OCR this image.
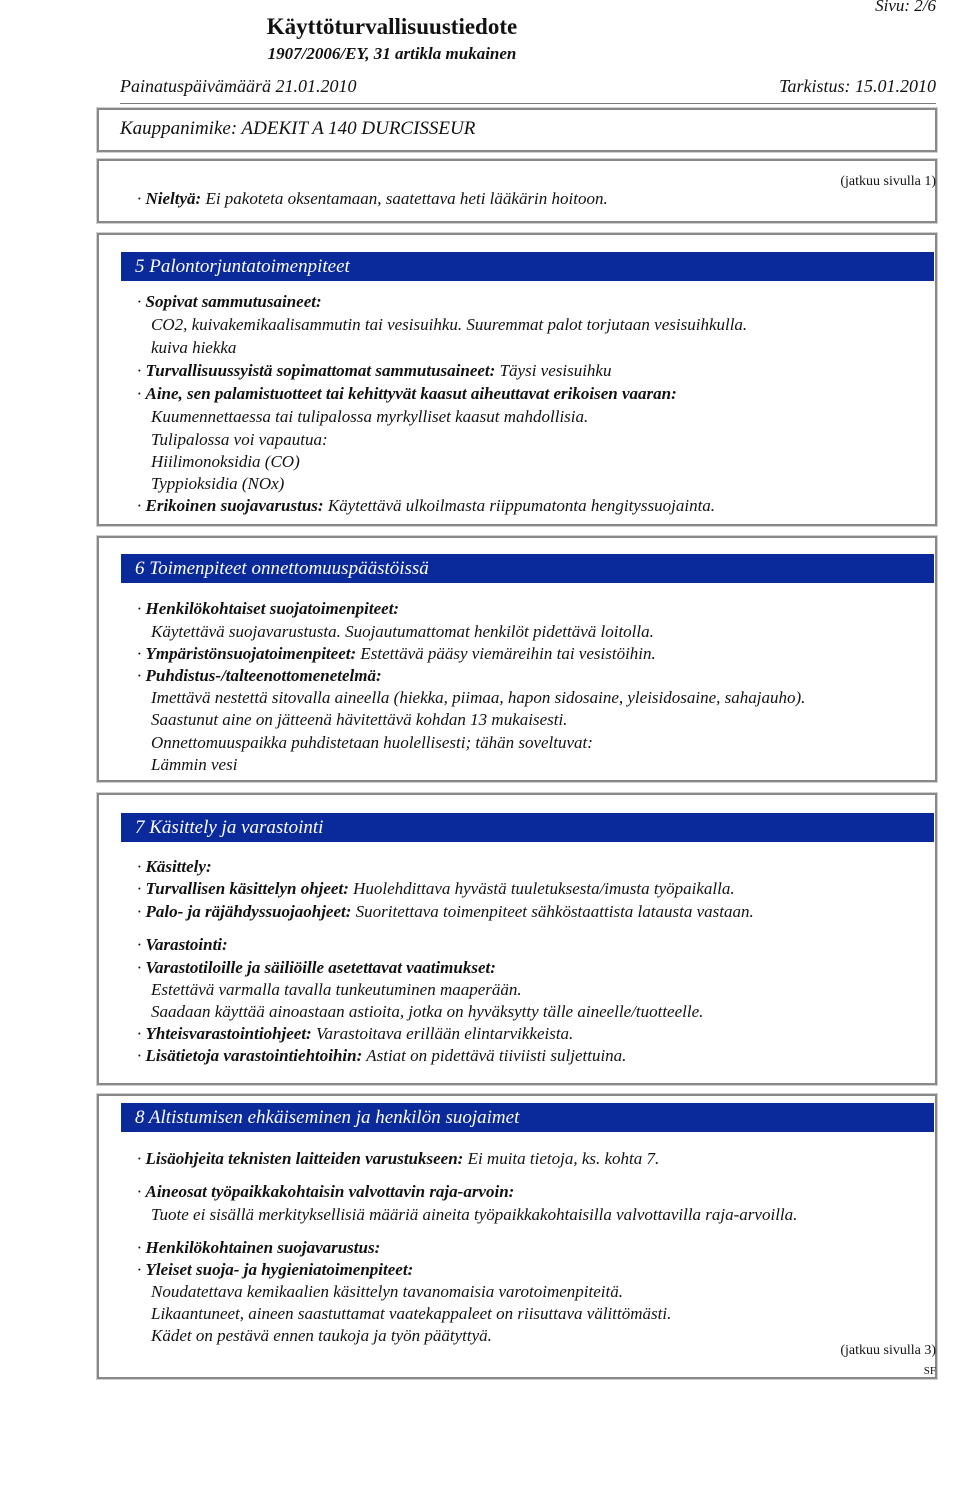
Sivu: 2/6
Käyttöturvallisuustiedote
1907/2006/EY, 31 artikla mukainen
Painatuspäivämäärä 21.01.2010	Tarkistus: 15.01.2010
Kauppanimike: ADEKIT A 140 DURCISSEUR
(jatkuu sivulla 1)
· Nieltyä: Ei pakoteta oksentamaan, saatettava heti lääkärin hoitoon.
5 Palontorjuntatoimenpiteet
· Sopivat sammutusaineet:
CO2, kuivakemikaalisammutin tai vesisuihku. Suuremmat palot torjutaan vesisuihkulla.
kuiva hiekka
· Turvallisuussyistä sopimattomat sammutusaineet: Täysi vesisuihku
· Aine, sen palamistuotteet tai kehittyvät kaasut aiheuttavat erikoisen vaaran:
Kuumennettaessa tai tulipalossa myrkylliset kaasut mahdollisia.
Tulipalossa voi vapautua:
Hiilimonoksidia (CO)
Typpioksidia (NOx)
· Erikoinen suojavarustus: Käytettävä ulkoilmasta riippumatonta hengityssuojainta.
6 Toimenpiteet onnettomuuspäästöissä
· Henkilökohtaiset suojatoimenpiteet:
Käytettävä suojavarustusta. Suojautumattomat henkilöt pidettävä loitolla.
· Ympäristönsuojatoimenpiteet: Estettävä pääsy viemäreihin tai vesistöihin.
· Puhdistus-/talteenottomenetelmä:
Imettävä nestettä sitovalla aineella (hiekka, piimaa, hapon sidosaine, yleisidosaine, sahajauho).
Saastunut aine on jätteenä hävitettävä kohdan 13 mukaisesti.
Onnettomuuspaikka puhdistetaan huolellisesti; tähän soveltuvat:
Lämmin vesi
7 Käsittely ja varastointi
· Käsittely:
· Turvallisen käsittelyn ohjeet: Huolehdittava hyvästä tuuletuksesta/imusta työpaikalla.
· Palo- ja räjähdyssuojaohjeet: Suoritettava toimenpiteet sähköstaattista latausta vastaan.
· Varastointi:
· Varastotiloille ja säiliöille asetettavat vaatimukset:
Estettävä varmalla tavalla tunkeutuminen maaperään.
Saadaan käyttää ainoastaan astioita, jotka on hyväksytty tälle aineelle/tuotteelle.
· Yhteisvarastointiohjeet: Varastoitava erillään elintarvikkeista.
· Lisätietoja varastointiehtoihin: Astiat on pidettävä tiiviisti suljettuina.
8 Altistumisen ehkäiseminen ja henkilön suojaimet
· Lisäohjeita teknisten laitteiden varustukseen: Ei muita tietoja, ks. kohta 7.
· Aineosat työpaikkakohtaisin valvottavin raja-arvoin:
Tuote ei sisällä merkityksellisiä määriä aineita työpaikkakohtaisilla valvottavilla raja-arvoilla.
· Henkilökohtainen suojavarustus:
· Yleiset suoja- ja hygieniatoimenpiteet:
Noudatettava kemikaalien käsittelyn tavanomaisia varotoimenpiteitä.
Likaantuneet, aineen saastuttamat vaatekappaleet on riisuttava välittömästi.
Kädet on pestävä ennen taukoja ja työn päätyttyä.
(jatkuu sivulla 3)
SF
